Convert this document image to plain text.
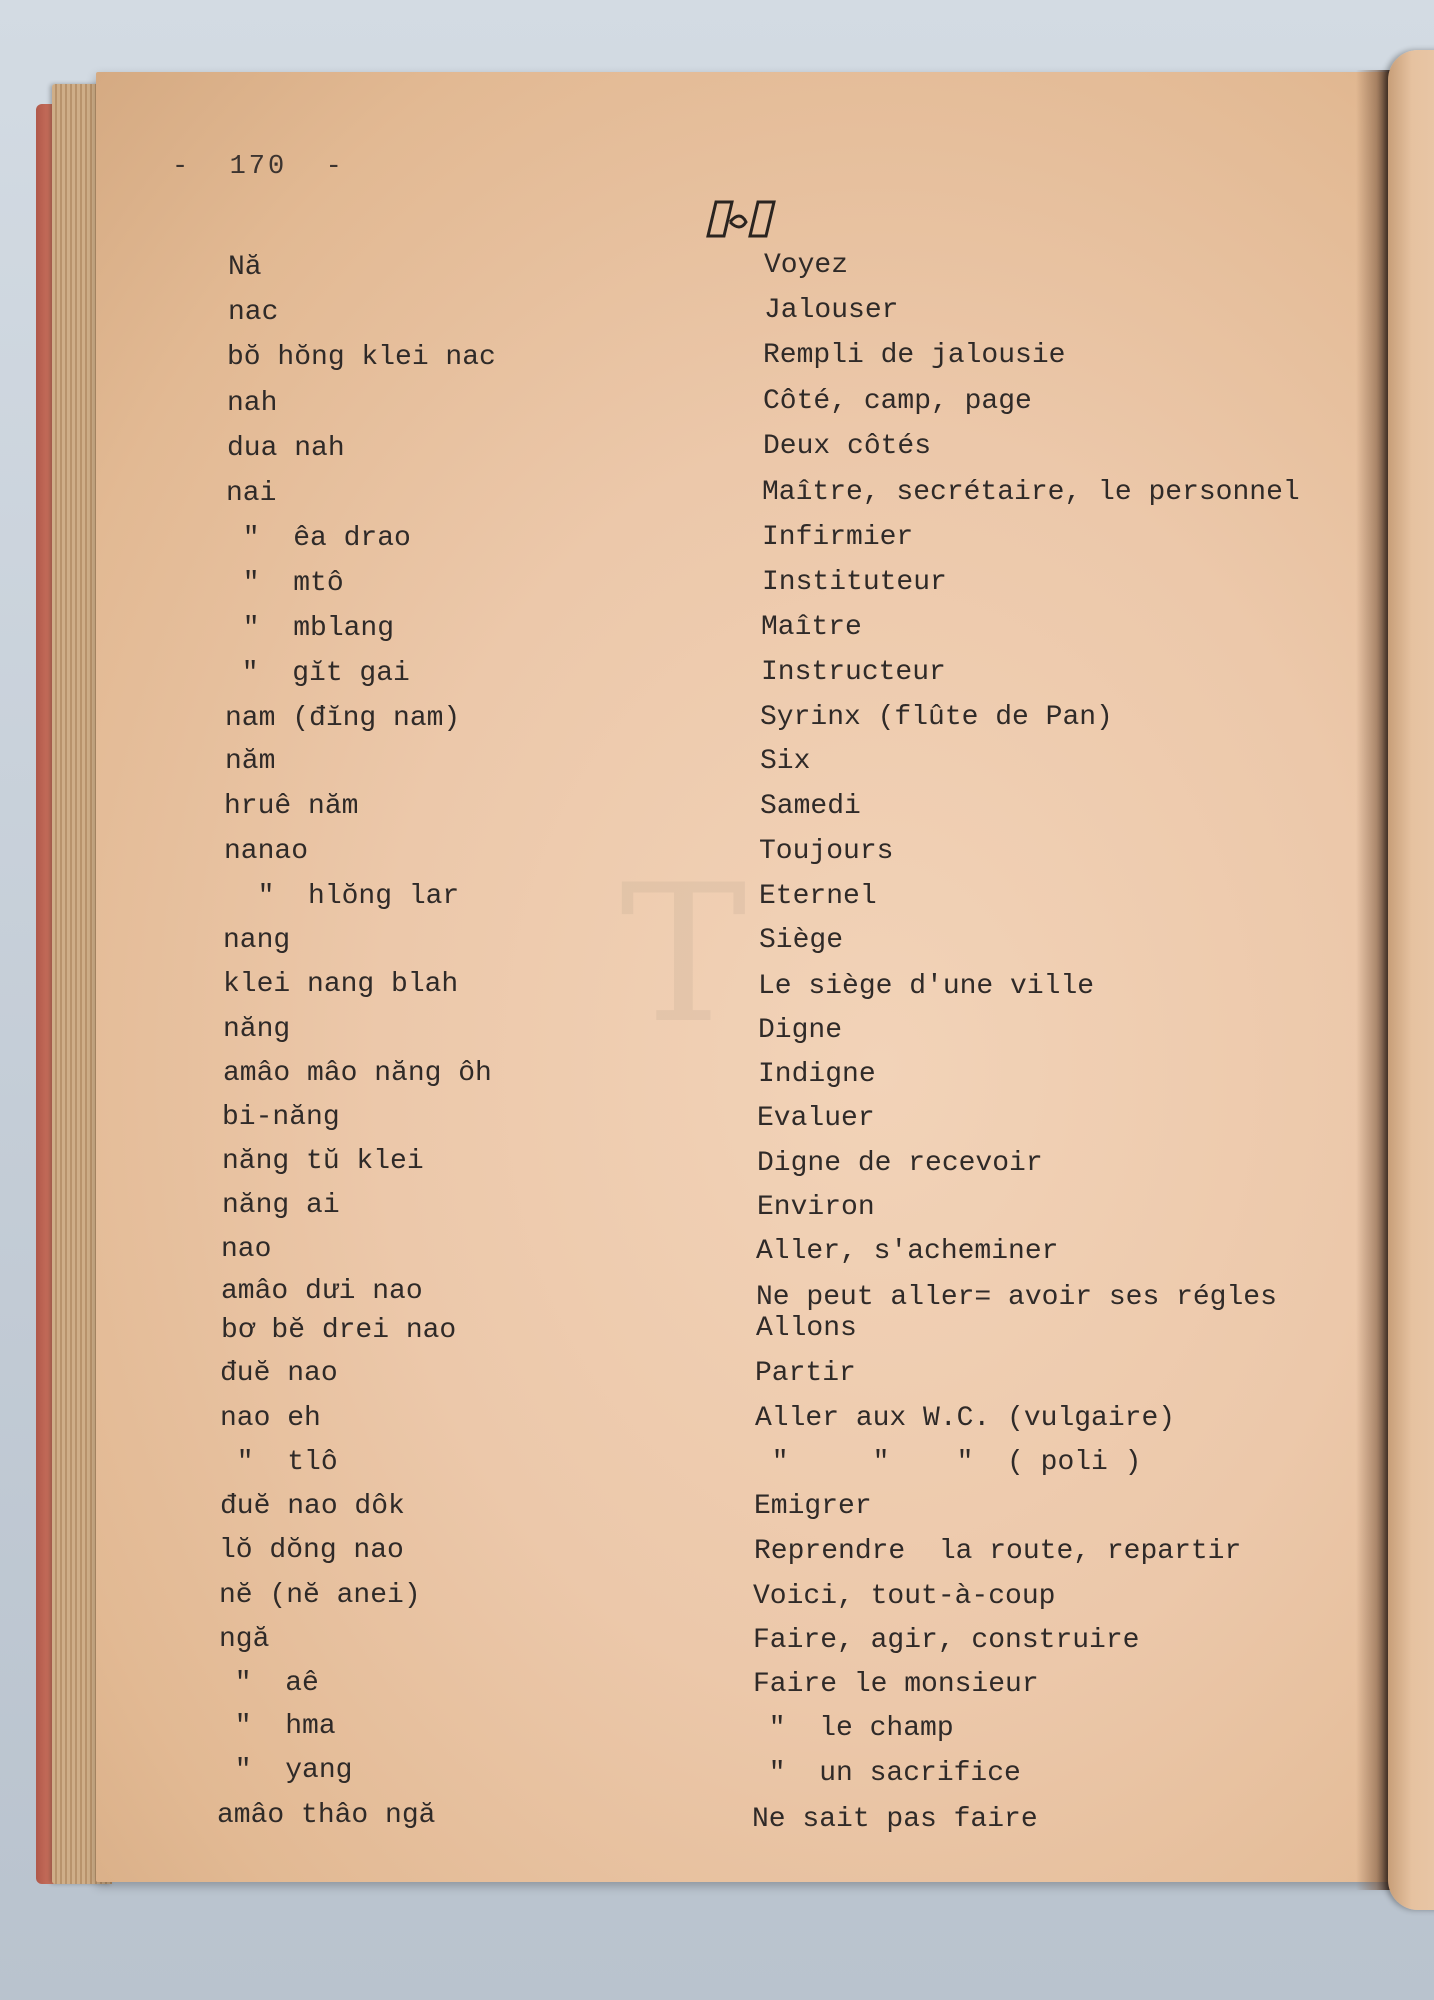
T
-  170  -
Nă	Voyez
nac	Jalouser
bŏ hŏng klei nac	Rempli de jalousie
nah	Côté, camp, page
dua nah	Deux côtés
nai	Maître, secrétaire, le personnel
"  êa drao	Infirmier
"  mtô	Instituteur
"  mblang	Maître
"  gĭt gai	Instructeur
nam (đĭng nam)	Syrinx (flûte de Pan)
năm	Six
hruê năm	Samedi
nanao	Toujours
"  hlŏng lar	Eternel
nang	Siège
klei nang blah	Le siège d'une ville
năng	Digne
amâo mâo năng ôh	Indigne
bi-năng	Evaluer
năng tŭ klei	Digne de recevoir
năng ai	Environ
nao	Aller, s'acheminer
amâo dưi nao	Ne peut aller= avoir ses régles
bơ bĕ drei nao	Allons
đuĕ nao	Partir
nao eh	Aller aux W.C. (vulgaire)
"  tlô	"     "    "  ( poli )
đuĕ nao dôk	Emigrer
lŏ dŏng nao	Reprendre  la route, repartir
nĕ (nĕ anei)	Voici, tout-à-coup
ngă	Faire, agir, construire
"  aê	Faire le monsieur
"  hma	"  le champ
"  yang	"  un sacrifice
amâo thâo ngă	Ne sait pas faire
